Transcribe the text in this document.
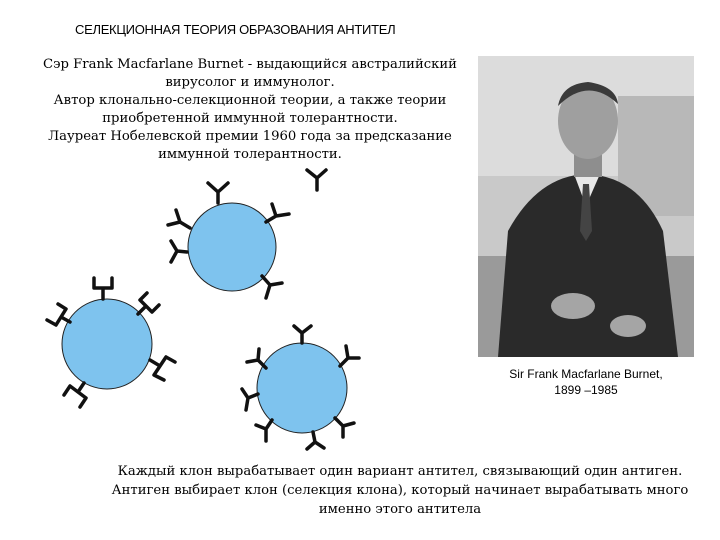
СЕЛЕКЦИОННАЯ ТЕОРИЯ ОБРАЗОВАНИЯ АНТИТЕЛ
Сэр Frank Macfarlane Burnet - выдающийся австралийский
вирусолог и иммунолог.
Автор клонально-селекционной теории, а также теории
приобретенной иммунной толерантности.
Лауреат Нобелевской премии 1960 года за предсказание
иммунной толерантности.
Sir Frank Macfarlane Burnet,
1899 –1985
Каждый клон вырабатывает один вариант антител, связывающий один антиген.
Антиген выбирает клон (селекция клона), который начинает вырабатывать много
именно этого антитела
